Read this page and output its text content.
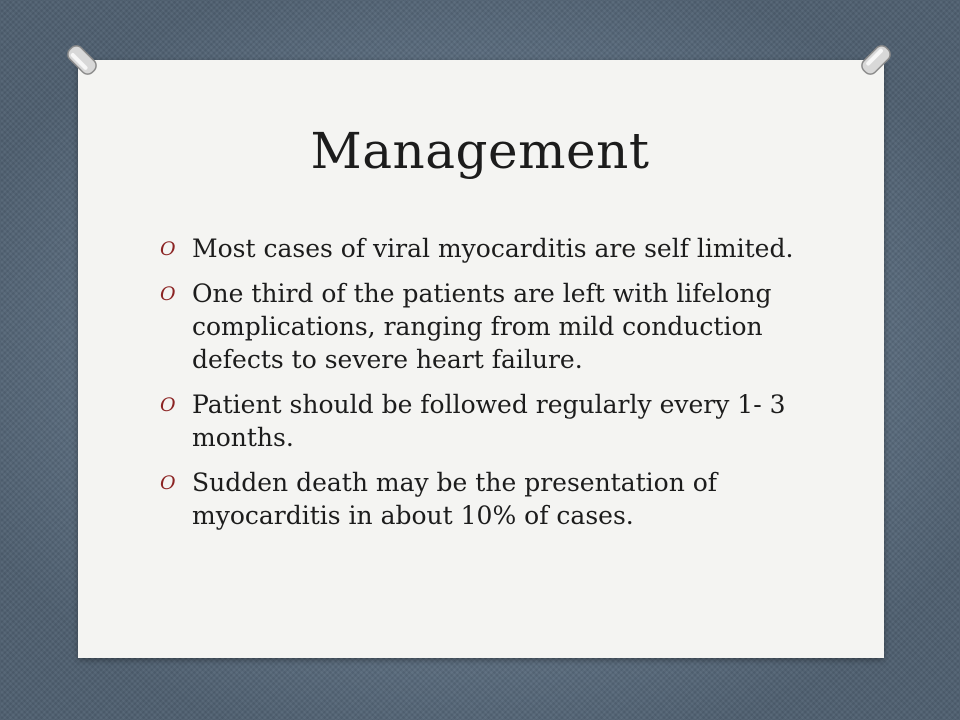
Management
O Most cases of viral myocarditis are self limited.
O One third of the patients are left with lifelong complications, ranging from mild conduction defects to severe heart failure.
O Patient should be followed regularly every 1- 3 months.
O Sudden death may be the presentation of myocarditis in about 10% of cases.
